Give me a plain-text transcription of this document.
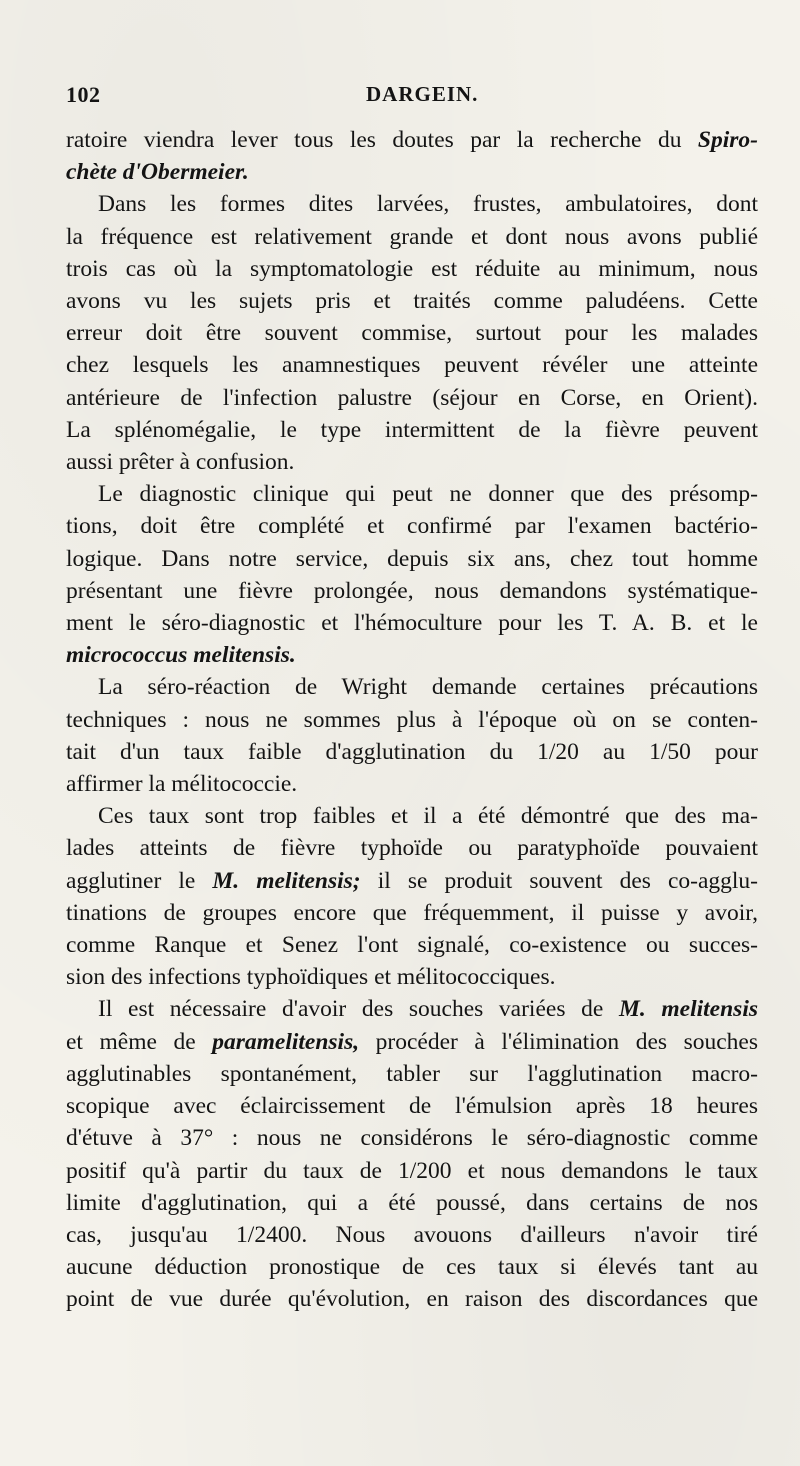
102	DARGEIN.
ratoire viendra lever tous les doutes par la recherche du Spiro-
chète d'Obermeier.
Dans les formes dites larvées, frustes, ambulatoires, dont
la fréquence est relativement grande et dont nous avons publié
trois cas où la symptomatologie est réduite au minimum, nous
avons vu les sujets pris et traités comme paludéens. Cette
erreur doit être souvent commise, surtout pour les malades
chez lesquels les anamnestiques peuvent révéler une atteinte
antérieure de l'infection palustre (séjour en Corse, en Orient).
La splénomégalie, le type intermittent de la fièvre peuvent
aussi prêter à confusion.
Le diagnostic clinique qui peut ne donner que des présomp-
tions, doit être complété et confirmé par l'examen bactério-
logique. Dans notre service, depuis six ans, chez tout homme
présentant une fièvre prolongée, nous demandons systématique-
ment le séro-diagnostic et l'hémoculture pour les T. A. B. et le
micrococcus melitensis.
La séro-réaction de Wright demande certaines précautions
techniques : nous ne sommes plus à l'époque où on se conten-
tait d'un taux faible d'agglutination du 1/20 au 1/50 pour
affirmer la mélitococcie.
Ces taux sont trop faibles et il a été démontré que des ma-
lades atteints de fièvre typhoïde ou paratyphoïde pouvaient
agglutiner le M. melitensis; il se produit souvent des co-agglu-
tinations de groupes encore que fréquemment, il puisse y avoir,
comme Ranque et Senez l'ont signalé, co-existence ou succes-
sion des infections typhoïdiques et mélitococciques.
Il est nécessaire d'avoir des souches variées de M. melitensis
et même de paramelitensis, procéder à l'élimination des souches
agglutinables spontanément, tabler sur l'agglutination macro-
scopique avec éclaircissement de l'émulsion après 18 heures
d'étuve à 37° : nous ne considérons le séro-diagnostic comme
positif qu'à partir du taux de 1/200 et nous demandons le taux
limite d'agglutination, qui a été poussé, dans certains de nos
cas, jusqu'au 1/2400. Nous avouons d'ailleurs n'avoir tiré
aucune déduction pronostique de ces taux si élevés tant au
point de vue durée qu'évolution, en raison des discordances que
